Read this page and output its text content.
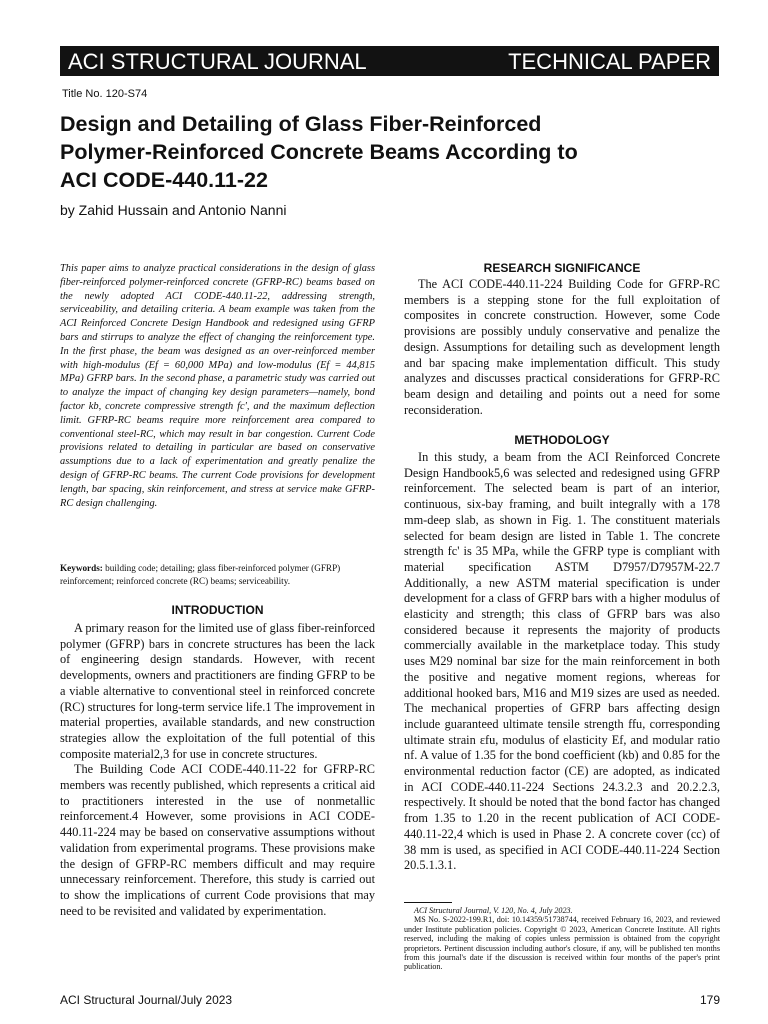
ACI STRUCTURAL JOURNAL	TECHNICAL PAPER
Title No. 120-S74
Design and Detailing of Glass Fiber-Reinforced
Polymer-Reinforced Concrete Beams According to
ACI CODE-440.11-22
by Zahid Hussain and Antonio Nanni

This paper aims to analyze practical considerations in the design of glass fiber-reinforced polymer-reinforced concrete (GFRP-RC) beams based on the newly adopted ACI CODE-440.11-22, addressing strength, serviceability, and detailing criteria. A beam example was taken from the ACI Reinforced Concrete Design Handbook and redesigned using GFRP bars and stirrups to analyze the effect of changing the reinforcement type. In the first phase, the beam was designed as an over-reinforced member with high-modulus (Ef = 60,000 MPa) and low-modulus (Ef = 44,815 MPa) GFRP bars. In the second phase, a parametric study was carried out to analyze the impact of changing key design parameters—namely, bond factor kb, concrete compressive strength fc', and the maximum deflection limit. GFRP-RC beams require more reinforcement area compared to conventional steel-RC, which may result in bar congestion. Current Code provisions related to detailing in particular are based on conservative assumptions due to a lack of experimentation and greatly penalize the design of GFRP-RC beams. The current Code provisions for development length, bar spacing, skin reinforcement, and stress at service make GFRP-RC design challenging.

Keywords: building code; detailing; glass fiber-reinforced polymer (GFRP) reinforcement; reinforced concrete (RC) beams; serviceability.

INTRODUCTION

A primary reason for the limited use of glass fiber-reinforced polymer (GFRP) bars in concrete structures has been the lack of engineering design standards. However, with recent developments, owners and practitioners are finding GFRP to be a viable alternative to conventional steel in reinforced concrete (RC) structures for long-term service life.1 The improvement in material properties, available standards, and new construction strategies allow the exploitation of the full potential of this composite material2,3 for use in concrete structures.

The Building Code ACI CODE-440.11-22 for GFRP-RC members was recently published, which represents a critical aid to practitioners interested in the use of nonmetallic reinforcement.4 However, some provisions in ACI CODE-440.11-224 may be based on conservative assumptions without validation from experimental programs. These provisions make the design of GFRP-RC members difficult and may require unnecessary reinforcement. Therefore, this study is carried out to show the implications of current Code provisions that may need to be revisited and validated by experimentation.

RESEARCH SIGNIFICANCE

The ACI CODE-440.11-224 Building Code for GFRP-RC members is a stepping stone for the full exploitation of composites in concrete construction. However, some Code provisions are possibly unduly conservative and penalize the design. Assumptions for detailing such as development length and bar spacing make implementation difficult. This study analyzes and discusses practical considerations for GFRP-RC beam design and detailing and points out a need for some reconsideration.

METHODOLOGY

In this study, a beam from the ACI Reinforced Concrete Design Handbook5,6 was selected and redesigned using GFRP reinforcement. The selected beam is part of an interior, continuous, six-bay framing, and built integrally with a 178 mm-deep slab, as shown in Fig. 1. The constituent materials selected for beam design are listed in Table 1. The concrete strength fc' is 35 MPa, while the GFRP type is compliant with material specification ASTM D7957/D7957M-22.7 Additionally, a new ASTM material specification is under development for a class of GFRP bars with a higher modulus of elasticity and strength; this class of GFRP bars was also considered because it represents the majority of products commercially available in the marketplace today. This study uses M29 nominal bar size for the main reinforcement in both the positive and negative moment regions, whereas for additional hooked bars, M16 and M19 sizes are used as needed. The mechanical properties of GFRP bars affecting design include guaranteed ultimate tensile strength ffu, corresponding ultimate strain εfu, modulus of elasticity Ef, and modular ratio nf. A value of 1.35 for the bond coefficient (kb) and 0.85 for the environmental reduction factor (CE) are adopted, as indicated in ACI CODE-440.11-224 Sections 24.3.2.3 and 20.2.2.3, respectively. It should be noted that the bond factor has changed from 1.35 to 1.20 in the recent publication of ACI CODE-440.11-22,4 which is used in Phase 2. A concrete cover (cc) of 38 mm is used, as specified in ACI CODE-440.11-224 Section 20.5.1.3.1.

ACI Structural Journal, V. 120, No. 4, July 2023.

MS No. S-2022-199.R1, doi: 10.14359/51738744, received February 16, 2023, and reviewed under Institute publication policies. Copyright © 2023, American Concrete Institute. All rights reserved, including the making of copies unless permission is obtained from the copyright proprietors. Pertinent discussion including author's closure, if any, will be published ten months from this journal's date if the discussion is received within four months of the paper's print publication.

ACI Structural Journal/July 2023	179
